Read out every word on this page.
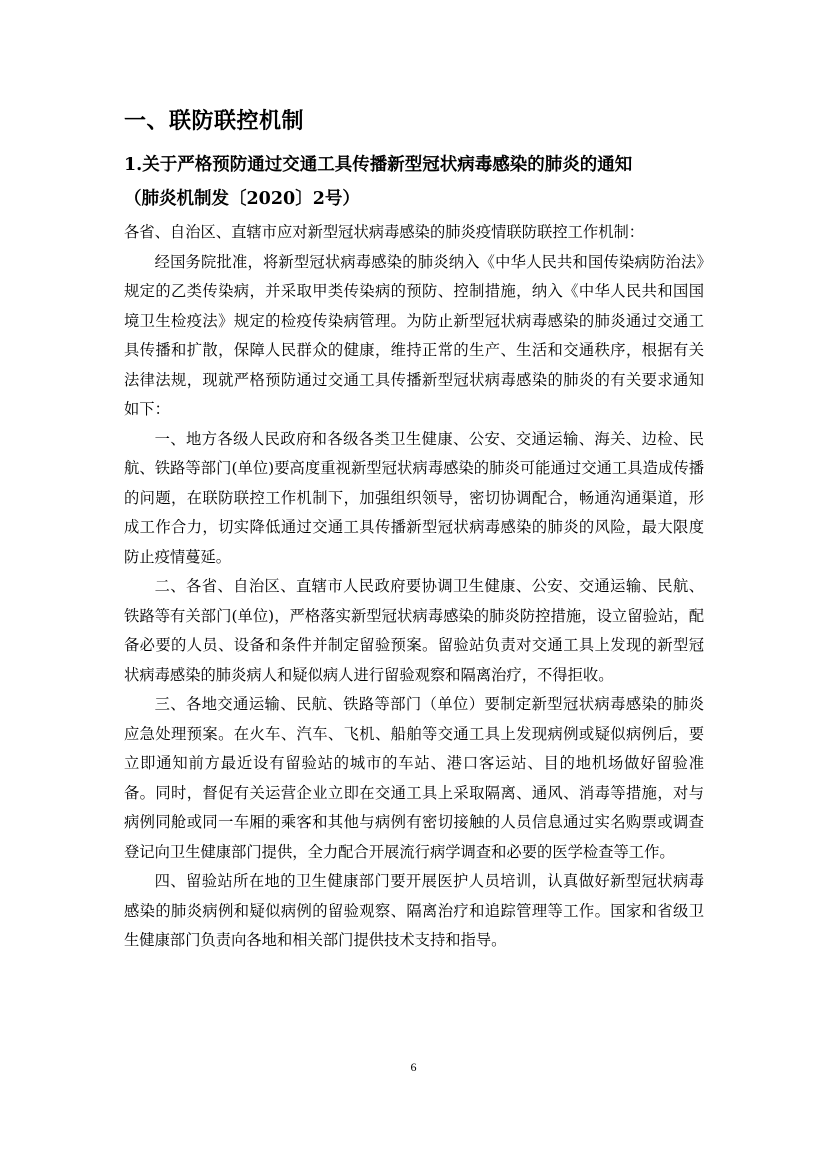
一、联防联控机制
1.关于严格预防通过交通工具传播新型冠状病毒感染的肺炎的通知
（肺炎机制发〔2020〕2号）

各省、自治区、直辖市应对新型冠状病毒感染的肺炎疫情联防联控工作机制：

经国务院批准，将新型冠状病毒感染的肺炎纳入《中华人民共和国传染病防治法》规定的乙类传染病，并采取甲类传染病的预防、控制措施，纳入《中华人民共和国国境卫生检疫法》规定的检疫传染病管理。为防止新型冠状病毒感染的肺炎通过交通工具传播和扩散，保障人民群众的健康，维持正常的生产、生活和交通秩序，根据有关法律法规，现就严格预防通过交通工具传播新型冠状病毒感染的肺炎的有关要求通知如下：

一、地方各级人民政府和各级各类卫生健康、公安、交通运输、海关、边检、民航、铁路等部门(单位)要高度重视新型冠状病毒感染的肺炎可能通过交通工具造成传播的问题，在联防联控工作机制下，加强组织领导，密切协调配合，畅通沟通渠道，形成工作合力，切实降低通过交通工具传播新型冠状病毒感染的肺炎的风险，最大限度防止疫情蔓延。

二、各省、自治区、直辖市人民政府要协调卫生健康、公安、交通运输、民航、铁路等有关部门(单位)，严格落实新型冠状病毒感染的肺炎防控措施，设立留验站，配备必要的人员、设备和条件并制定留验预案。留验站负责对交通工具上发现的新型冠状病毒感染的肺炎病人和疑似病人进行留验观察和隔离治疗，不得拒收。

三、各地交通运输、民航、铁路等部门（单位）要制定新型冠状病毒感染的肺炎应急处理预案。在火车、汽车、飞机、船舶等交通工具上发现病例或疑似病例后，要立即通知前方最近设有留验站的城市的车站、港口客运站、目的地机场做好留验准备。同时，督促有关运营企业立即在交通工具上采取隔离、通风、消毒等措施，对与病例同舱或同一车厢的乘客和其他与病例有密切接触的人员信息通过实名购票或调查登记向卫生健康部门提供，全力配合开展流行病学调查和必要的医学检查等工作。

四、留验站所在地的卫生健康部门要开展医护人员培训，认真做好新型冠状病毒感染的肺炎病例和疑似病例的留验观察、隔离治疗和追踪管理等工作。国家和省级卫生健康部门负责向各地和相关部门提供技术支持和指导。

6
